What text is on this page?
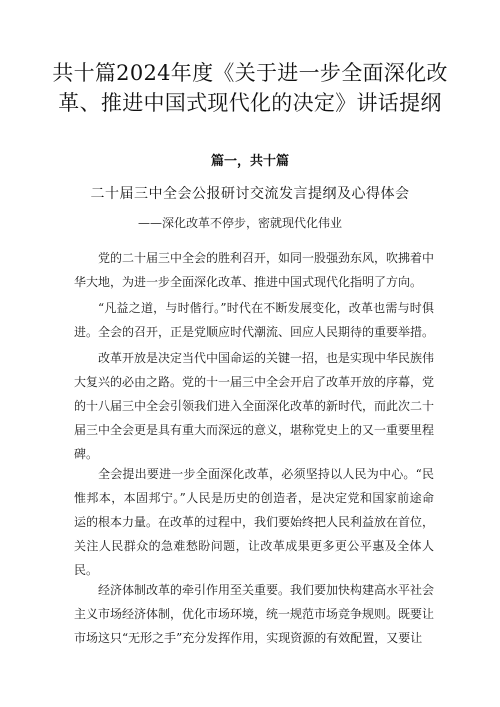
共十篇2024年度《关于进一步全面深化改革、推进中国式现代化的决定》讲话提纲
篇一，共十篇
二十届三中全会公报研讨交流发言提纲及心得体会
——深化改革不停步，密就现代化伟业

党的二十届三中全会的胜利召开，如同一股强劲东风，吹拂着中华大地，为进一步全面深化改革、推进中国式现代化指明了方向。

“凡益之道，与时偕行。”时代在不断发展变化，改革也需与时俱进。全会的召开，正是党顺应时代潮流、回应人民期待的重要举措。

改革开放是决定当代中国命运的关键一招，也是实现中华民族伟大复兴的必由之路。党的十一届三中全会开启了改革开放的序幕，党的十八届三中全会引领我们进入全面深化改革的新时代，而此次二十届三中全会更是具有重大而深远的意义，堪称党史上的又一重要里程碑。

全会提出要进一步全面深化改革，必须坚持以人民为中心。“民惟邦本，本固邦宁。”人民是历史的创造者，是决定党和国家前途命运的根本力量。在改革的过程中，我们要始终把人民利益放在首位，关注人民群众的急难愁盼问题，让改革成果更多更公平惠及全体人民。

经济体制改革的牵引作用至关重要。我们要加快构建高水平社会主义市场经济体制，优化市场环境，统一规范市场竞争规则。既要让市场这只“无形之手”充分发挥作用，实现资源的有效配置，又要让
